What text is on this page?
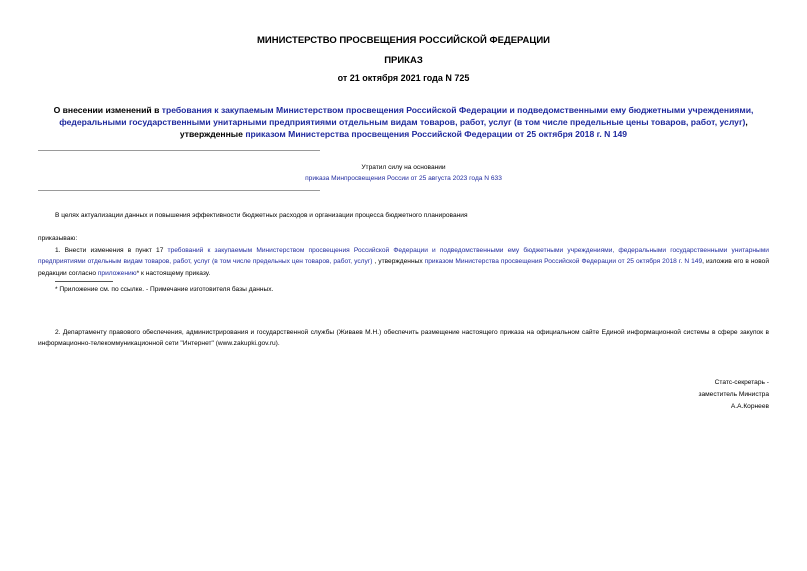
МИНИСТЕРСТВО ПРОСВЕЩЕНИЯ РОССИЙСКОЙ ФЕДЕРАЦИИ
ПРИКАЗ
от 21 октября 2021 года N 725
О внесении изменений в требования к закупаемым Министерством просвещения Российской Федерации и подведомственными ему бюджетными учреждениями, федеральными государственными унитарными предприятиями отдельным видам товаров, работ, услуг (в том числе предельные цены товаров, работ, услуг), утвержденные приказом Министерства просвещения Российской Федерации от 25 октября 2018 г. N 149
Утратил силу на основании
приказа Минпросвещения России от 25 августа 2023 года N 633
В целях актуализации данных и повышения эффективности бюджетных расходов и организации процесса бюджетного планирования
приказываю:
1. Внести изменения в пункт 17 требований к закупаемым Министерством просвещения Российской Федерации и подведомственными ему бюджетными учреждениями, федеральными государственными унитарными предприятиями отдельным видам товаров, работ, услуг (в том числе предельных цен товаров, работ, услуг) , утвержденных приказом Министерства просвещения Российской Федерации от 25 октября 2018 г. N 149, изложив его в новой редакции согласно приложению* к настоящему приказу.
* Приложение см. по ссылке. - Примечание изготовителя базы данных.
2. Департаменту правового обеспечения, администрирования и государственной службы (Живаев М.Н.) обеспечить размещение настоящего приказа на официальном сайте Единой информационной системы в сфере закупок в информационно-телекоммуникационной сети "Интернет" (www.zakupki.gov.ru).
Статс-секретарь -
заместитель Министра
А.А.Корнеев
